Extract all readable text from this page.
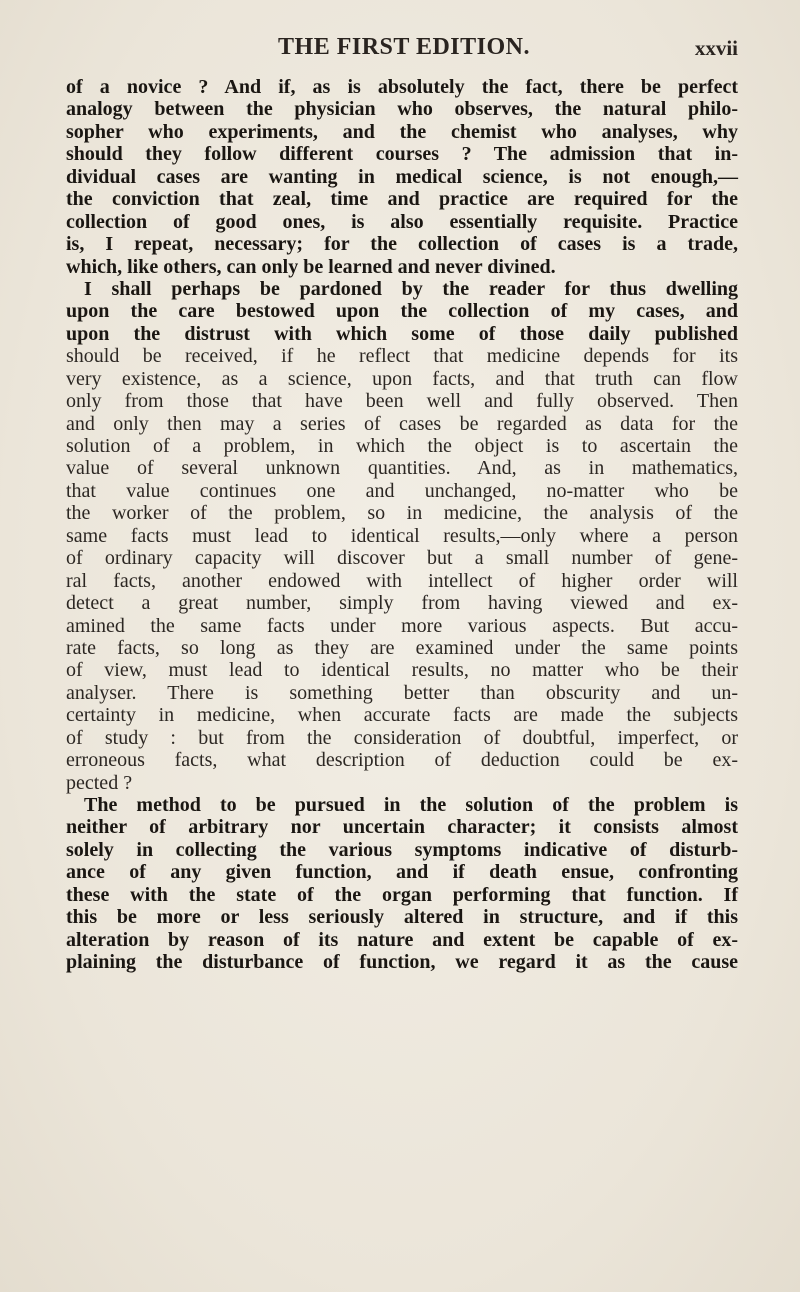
THE FIRST EDITION.	xxvii
of a novice ? And if, as is absolutely the fact, there be perfect
analogy between the physician who observes, the natural philo-
sopher who experiments, and the chemist who analyses, why
should they follow different courses ? The admission that in-
dividual cases are wanting in medical science, is not enough,—
the conviction that zeal, time and practice are required for the
collection of good ones, is also essentially requisite. Practice
is, I repeat, necessary; for the collection of cases is a trade,
which, like others, can only be learned and never divined.
I shall perhaps be pardoned by the reader for thus dwelling
upon the care bestowed upon the collection of my cases, and
upon the distrust with which some of those daily published
should be received, if he reflect that medicine depends for its
very existence, as a science, upon facts, and that truth can flow
only from those that have been well and fully observed. Then
and only then may a series of cases be regarded as data for the
solution of a problem, in which the object is to ascertain the
value of several unknown quantities. And, as in mathematics,
that value continues one and unchanged, no-matter who be
the worker of the problem, so in medicine, the analysis of the
same facts must lead to identical results,—only where a person
of ordinary capacity will discover but a small number of gene-
ral facts, another endowed with intellect of higher order will
detect a great number, simply from having viewed and ex-
amined the same facts under more various aspects. But accu-
rate facts, so long as they are examined under the same points
of view, must lead to identical results, no matter who be their
analyser. There is something better than obscurity and un-
certainty in medicine, when accurate facts are made the subjects
of study : but from the consideration of doubtful, imperfect, or
erroneous facts, what description of deduction could be ex-
pected ?
The method to be pursued in the solution of the problem is
neither of arbitrary nor uncertain character; it consists almost
solely in collecting the various symptoms indicative of disturb-
ance of any given function, and if death ensue, confronting
these with the state of the organ performing that function. If
this be more or less seriously altered in structure, and if this
alteration by reason of its nature and extent be capable of ex-
plaining the disturbance of function, we regard it as the cause
